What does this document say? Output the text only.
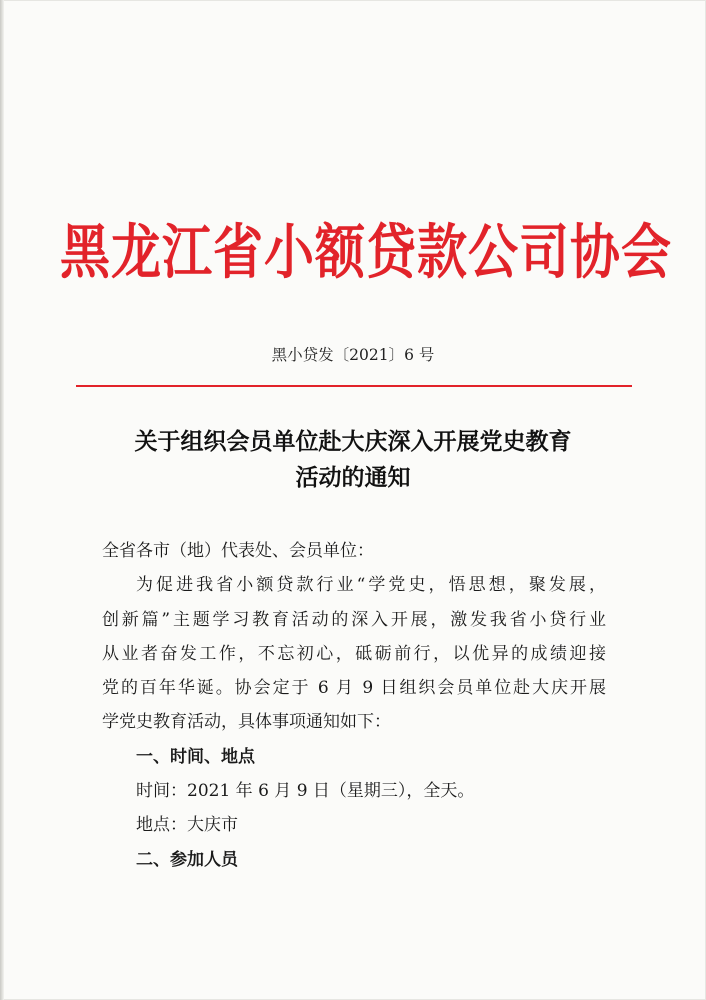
黑龙江省小额贷款公司协会
黑小贷发〔2021〕6 号
关于组织会员单位赴大庆深入开展党史教育
活动的通知
全省各市（地）代表处、会员单位：
为促进我省小额贷款行业“学党史，悟思想，聚发展，
创新篇”主题学习教育活动的深入开展，激发我省小贷行业
从业者奋发工作，不忘初心，砥砺前行，以优异的成绩迎接
党的百年华诞。协会定于 6 月 9 日组织会员单位赴大庆开展
学党史教育活动，具体事项通知如下：
一、时间、地点
时间：2021 年 6 月 9 日（星期三），全天。
地点：大庆市
二、参加人员
